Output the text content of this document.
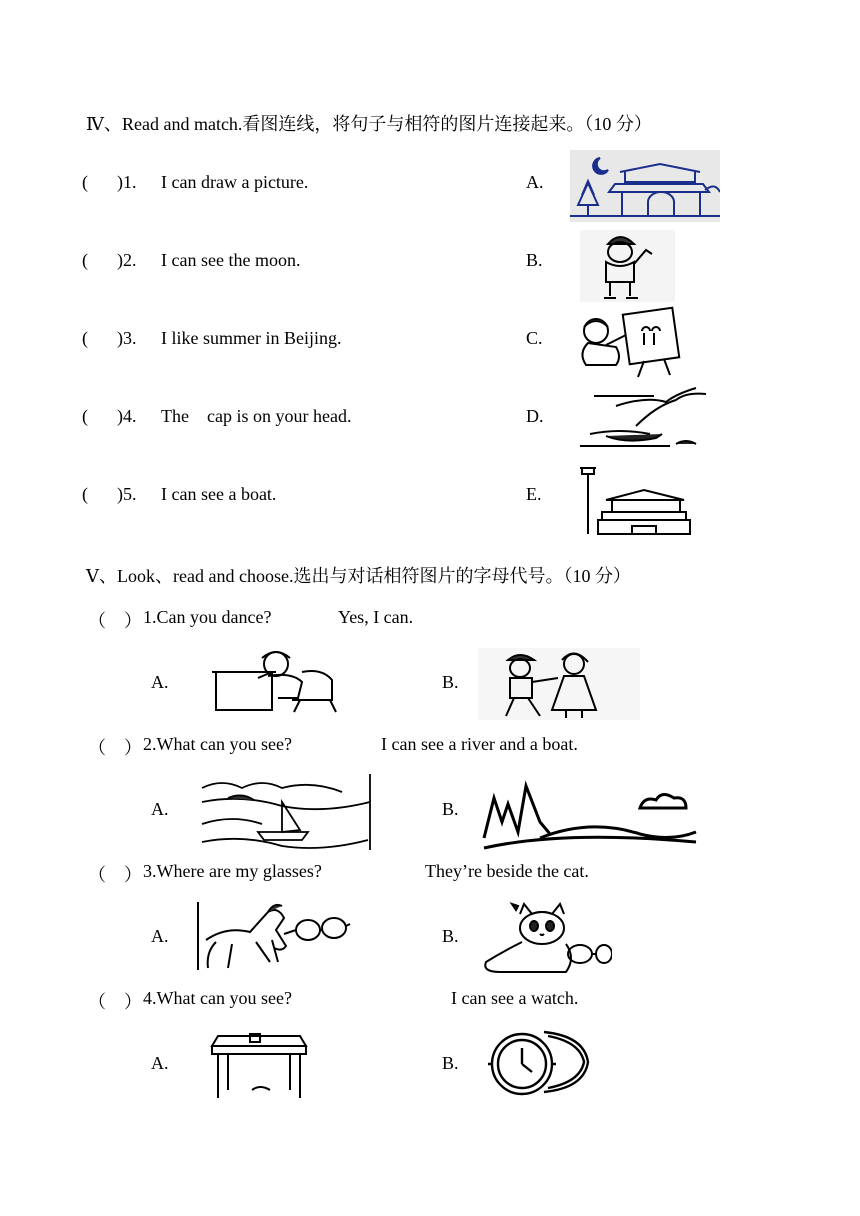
Ⅳ、Read and match.看图连线，将句子与相符的图片连接起来。（10 分）
( )1. I can draw a picture.	A.
( )2. I can see the moon.	B.
( )3. I like summer in Beijing.	C.
( )4. The    cap is on your head.	D.
( )5. I can see a boat.	E.
Ⅴ、Look、read and choose.选出与对话相符图片的字母代号。（10 分）
（    ） 1.Can you dance?	Yes, I can.
A.	B.
（    ） 2.What can you see?	I can see a river and a boat.
A.	B.
（    ） 3.Where are my glasses?	They’re beside the cat.
A.	B.
（    ） 4.What can you see?	I can see a watch.
A.	B.
